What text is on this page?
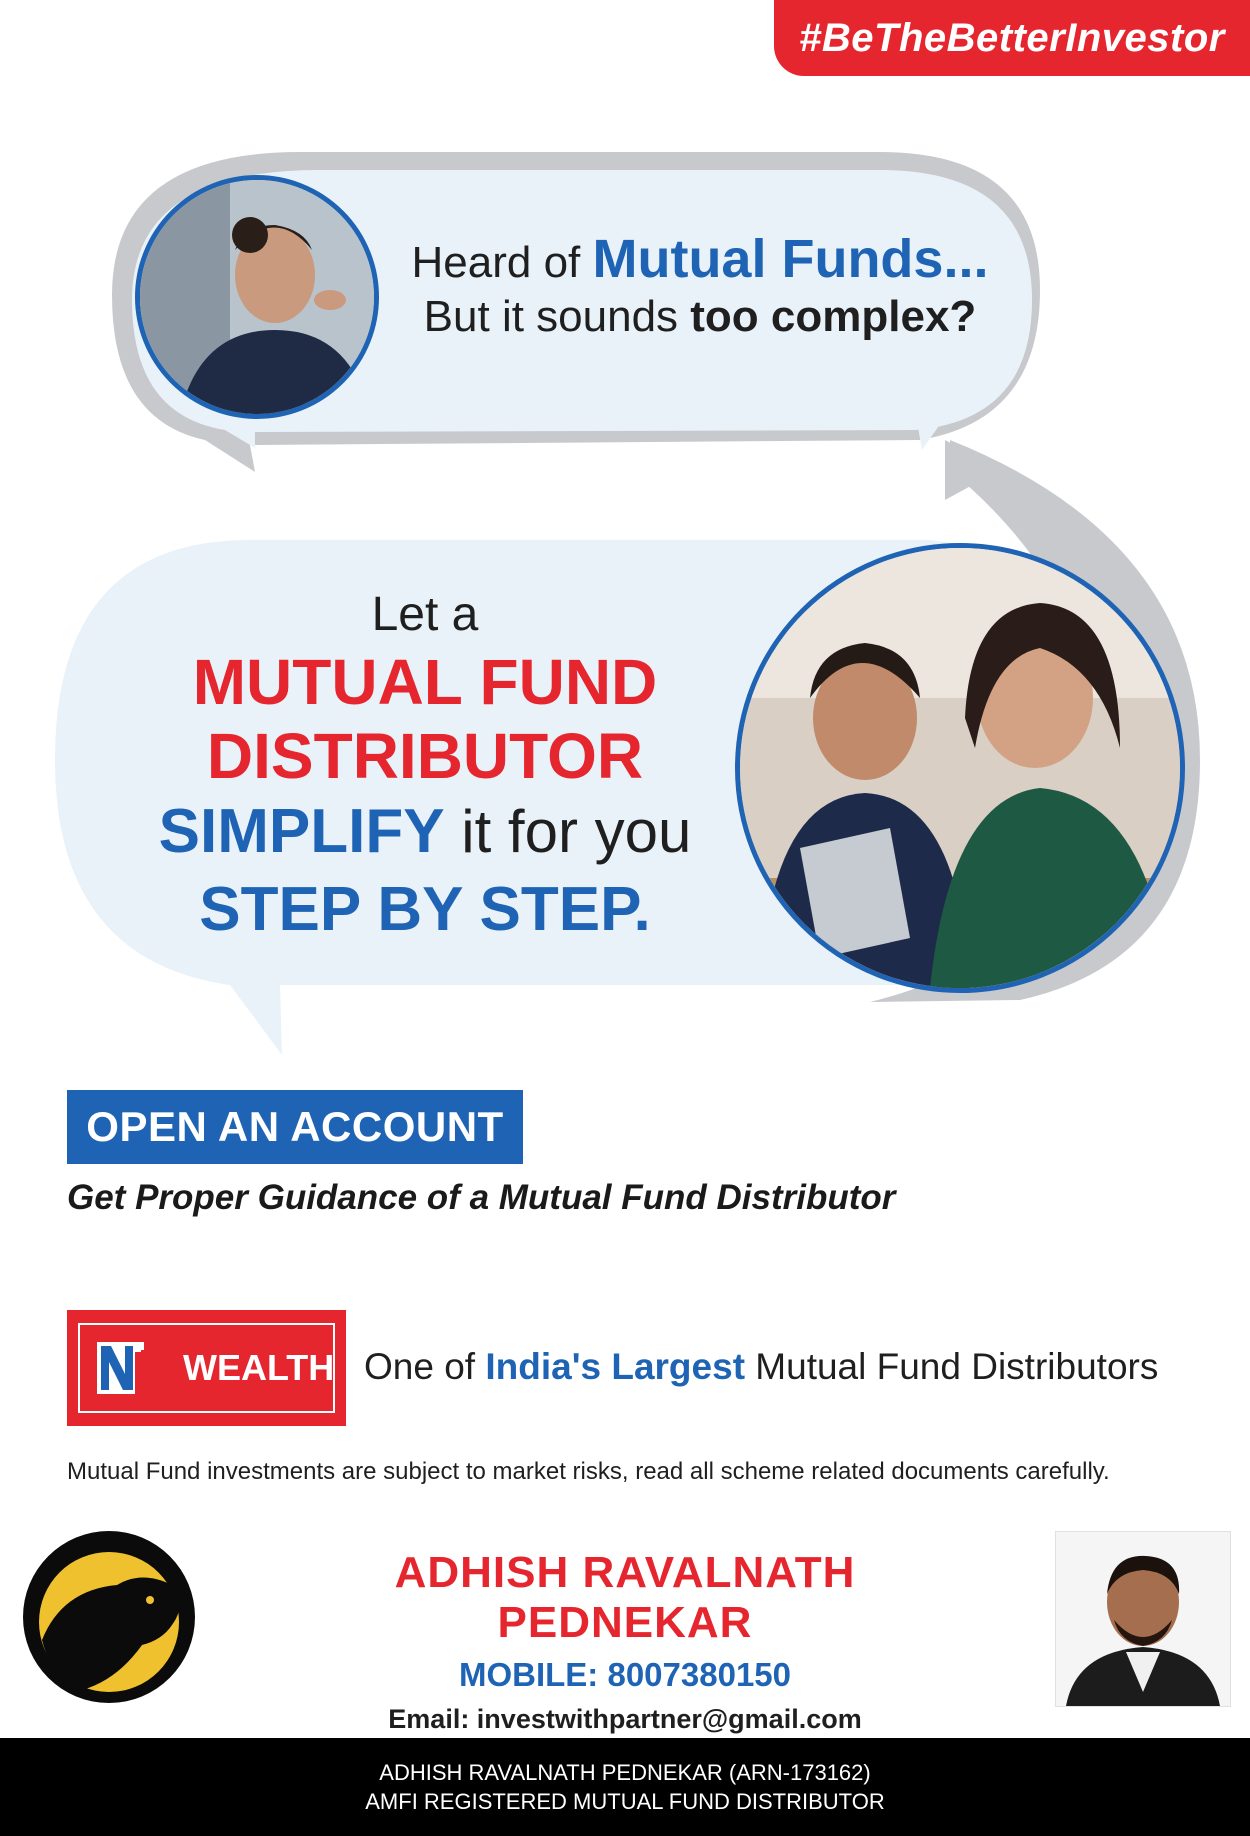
#BeTheBetterInvestor
Heard of Mutual Funds...
But it sounds too complex?
Let a
MUTUAL FUND
DISTRIBUTOR
SIMPLIFY it for you
STEP BY STEP.
OPEN AN ACCOUNT
Get Proper Guidance of a Mutual Fund Distributor
WEALTH One of India's Largest Mutual Fund Distributors
Mutual Fund investments are subject to market risks, read all scheme related documents carefully.
ADHISH RAVALNATH PEDNEKAR
MOBILE: 8007380150
Email: investwithpartner@gmail.com
ADHISH RAVALNATH PEDNEKAR (ARN-173162)
AMFI REGISTERED MUTUAL FUND DISTRIBUTOR
